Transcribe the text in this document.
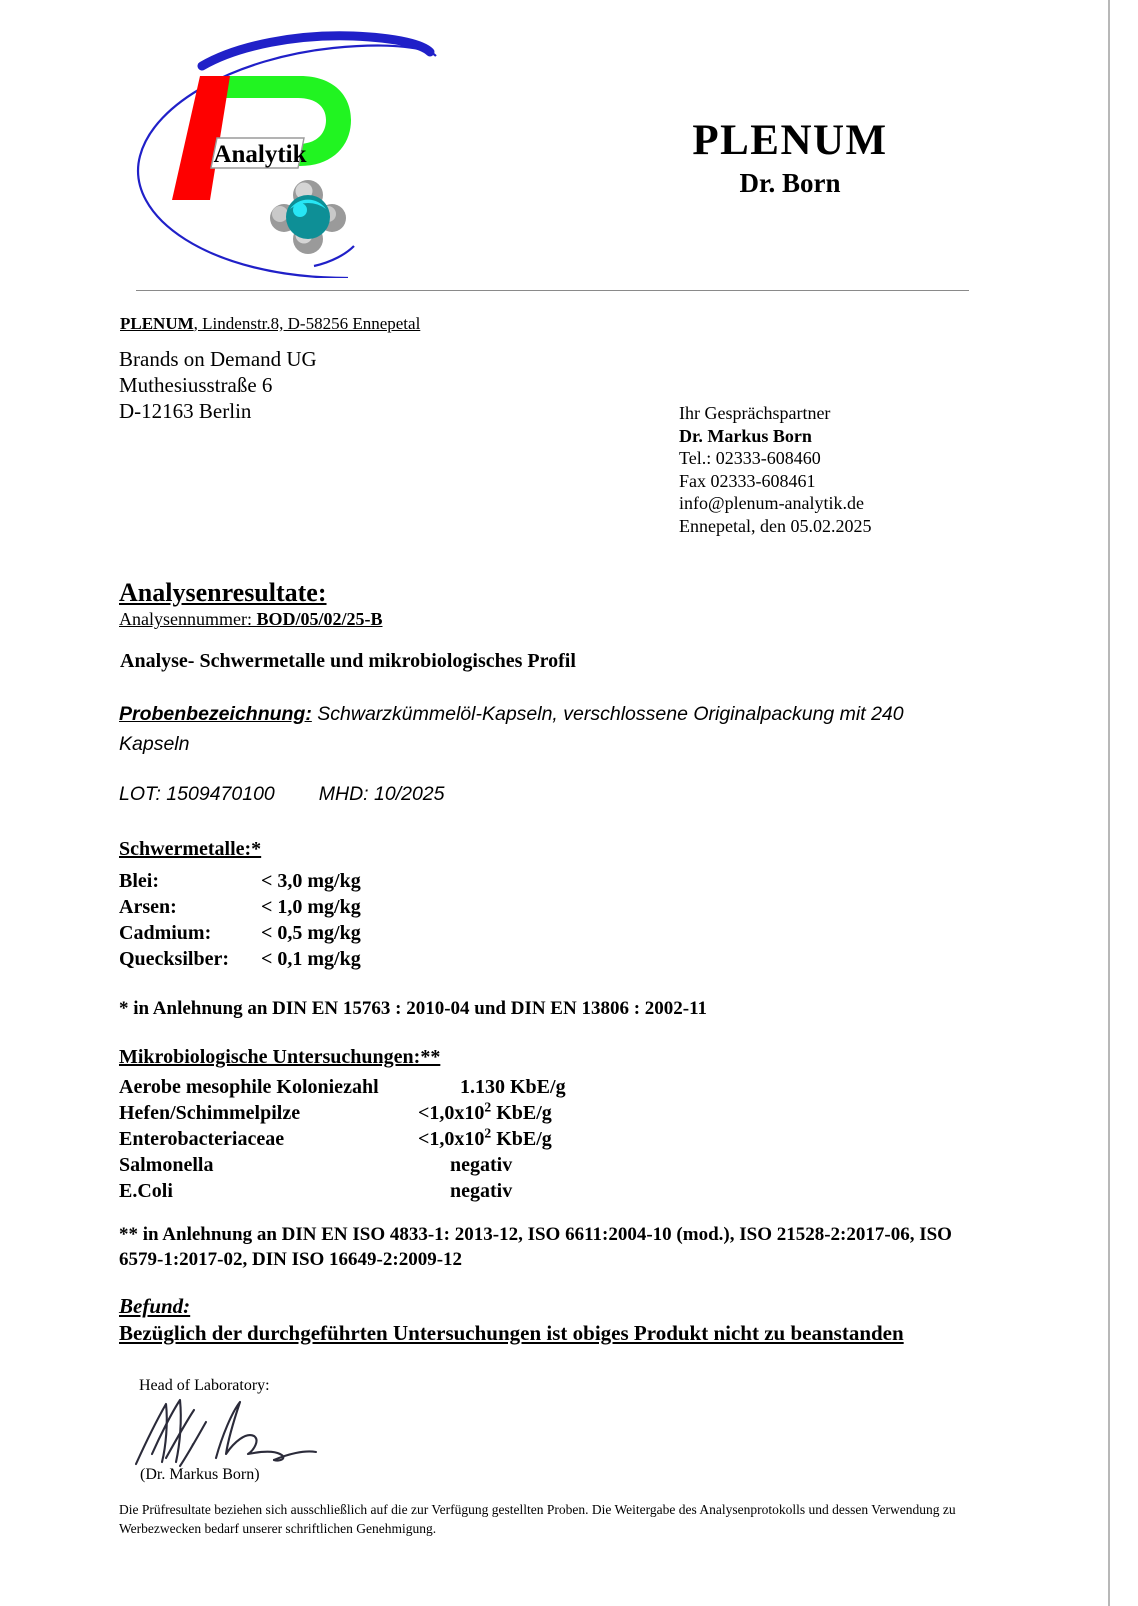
Analytik	PLENUM
Dr. Born
PLENUM, Lindenstr.8, D-58256 Ennepetal
Brands on Demand UG
Muthesiusstraße 6
D-12163 Berlin	Ihr Gesprächspartner
Dr. Markus Born
Tel.: 02333-608460
Fax 02333-608461
info@plenum-analytik.de
Ennepetal, den 05.02.2025
Analysenresultate:
Analysennummer: BOD/05/02/25-B
Analyse- Schwermetalle und mikrobiologisches Profil
Probenbezeichnung: Schwarzkümmelöl-Kapseln, verschlossene Originalpackung mit 240 Kapseln
LOT: 1509470100 MHD: 10/2025
Schwermetalle:*
Blei:	< 3,0 mg/kg
Arsen:	< 1,0 mg/kg
Cadmium: < 0,5 mg/kg
Quecksilber: < 0,1 mg/kg
* in Anlehnung an DIN EN 15763 : 2010-04 und DIN EN 13806 : 2002-11
Mikrobiologische Untersuchungen:**
Aerobe mesophile Koloniezahl	1.130 KbE/g
Hefen/Schimmelpilze	$<1,0x10^2$ KbE/g
Enterobacteriaceae	$<1,0x10^2$ KbE/g
Salmonella	negativ
E.Coli	negativ
** in Anlehnung an DIN EN ISO 4833-1: 2013-12, ISO 6611:2004-10 (mod.), ISO 21528-2:2017-06, ISO 6579-1:2017-02, DIN ISO 16649-2:2009-12
Befund:
Bezüglich der durchgeführten Untersuchungen ist obiges Produkt nicht zu beanstanden
Head of Laboratory:
(Dr. Markus Born)
Die Prüfresultate beziehen sich ausschließlich auf die zur Verfügung gestellten Proben. Die Weitergabe des Analysenprotokolls und dessen Verwendung zu Werbezwecken bedarf unserer schriftlichen Genehmigung.
